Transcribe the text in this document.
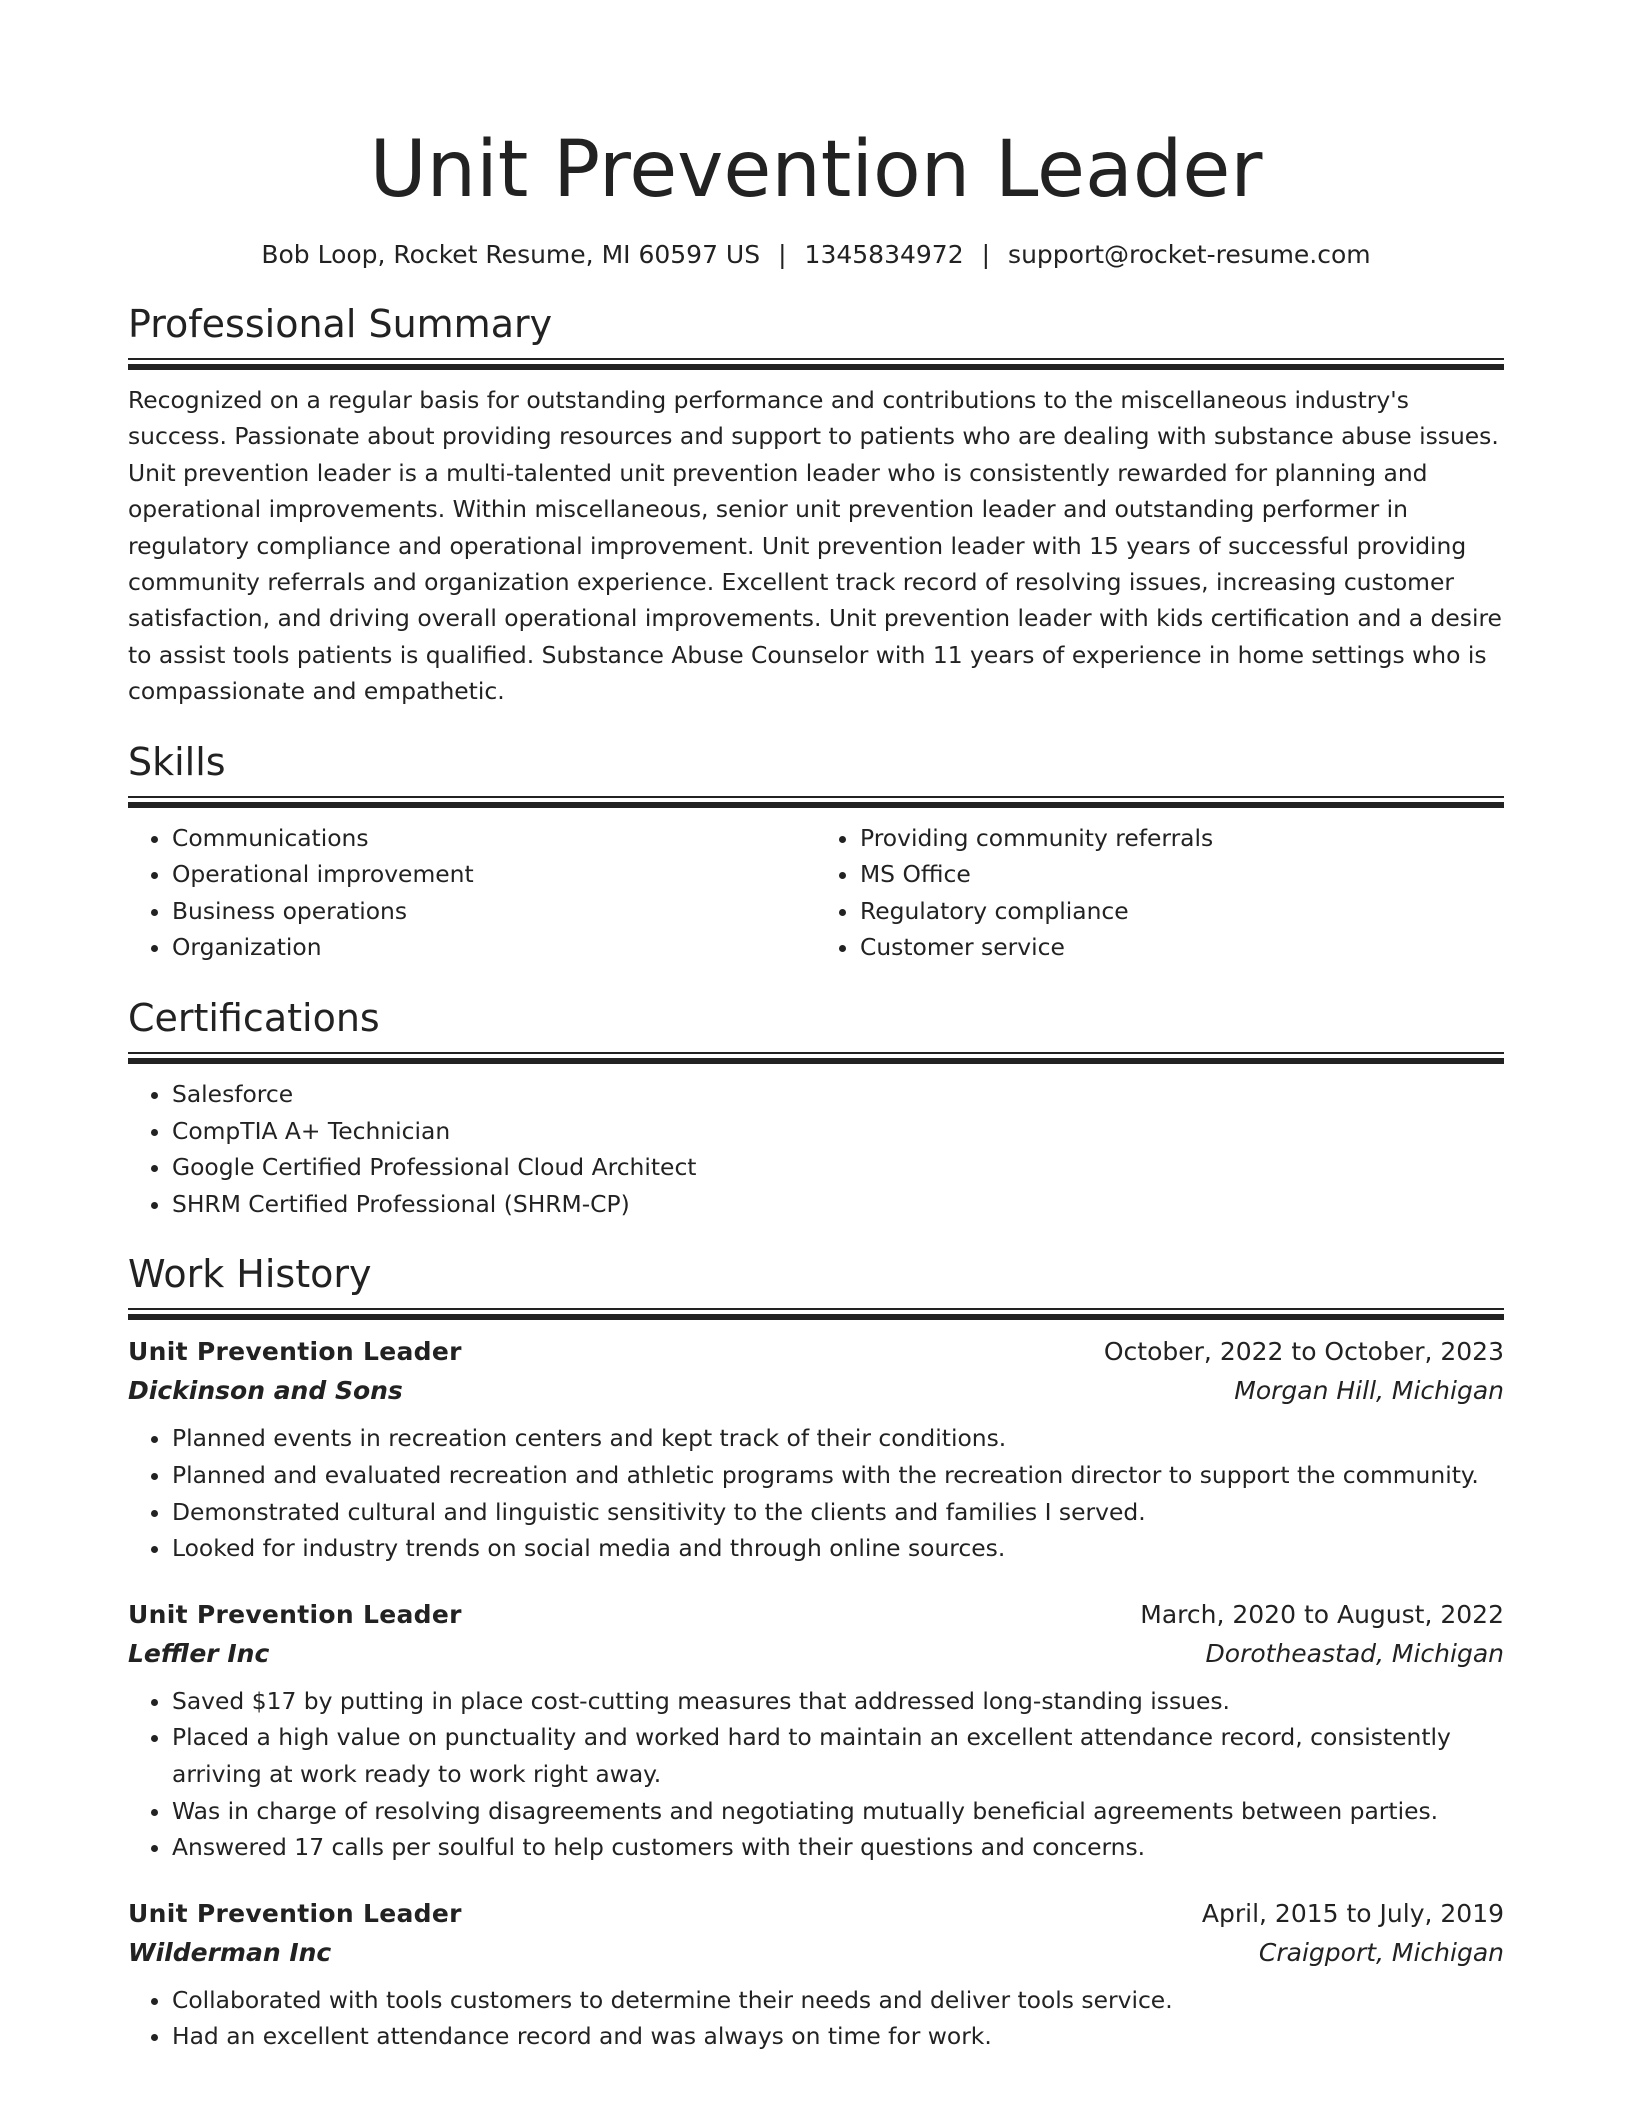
Unit Prevention Leader
Bob Loop, Rocket Resume, MI 60597 US | 1345834972 | support@rocket-resume.com
Professional Summary
Recognized on a regular basis for outstanding performance and contributions to the miscellaneous industry's success. Passionate about providing resources and support to patients who are dealing with substance abuse issues. Unit prevention leader is a multi-talented unit prevention leader who is consistently rewarded for planning and operational improvements. Within miscellaneous, senior unit prevention leader and outstanding performer in regulatory compliance and operational improvement. Unit prevention leader with 15 years of successful providing community referrals and organization experience. Excellent track record of resolving issues, increasing customer satisfaction, and driving overall operational improvements. Unit prevention leader with kids certification and a desire to assist tools patients is qualified. Substance Abuse Counselor with 11 years of experience in home settings who is compassionate and empathetic.
Skills
• Communications
• Operational improvement
• Business operations
• Organization
• Providing community referrals
• MS Office
• Regulatory compliance
• Customer service
Certifications
• Salesforce
• CompTIA A+ Technician
• Google Certified Professional Cloud Architect
• SHRM Certified Professional (SHRM-CP)
Work History
Unit Prevention Leader	October, 2022 to October, 2023
Dickinson and Sons	Morgan Hill, Michigan
• Planned events in recreation centers and kept track of their conditions.
• Planned and evaluated recreation and athletic programs with the recreation director to support the community.
• Demonstrated cultural and linguistic sensitivity to the clients and families I served.
• Looked for industry trends on social media and through online sources.
Unit Prevention Leader	March, 2020 to August, 2022
Leffler Inc	Dorotheastad, Michigan
• Saved $17 by putting in place cost-cutting measures that addressed long-standing issues.
• Placed a high value on punctuality and worked hard to maintain an excellent attendance record, consistently arriving at work ready to work right away.
• Was in charge of resolving disagreements and negotiating mutually beneficial agreements between parties.
• Answered 17 calls per soulful to help customers with their questions and concerns.
Unit Prevention Leader	April, 2015 to July, 2019
Wilderman Inc	Craigport, Michigan
• Collaborated with tools customers to determine their needs and deliver tools service.
• Had an excellent attendance record and was always on time for work.
